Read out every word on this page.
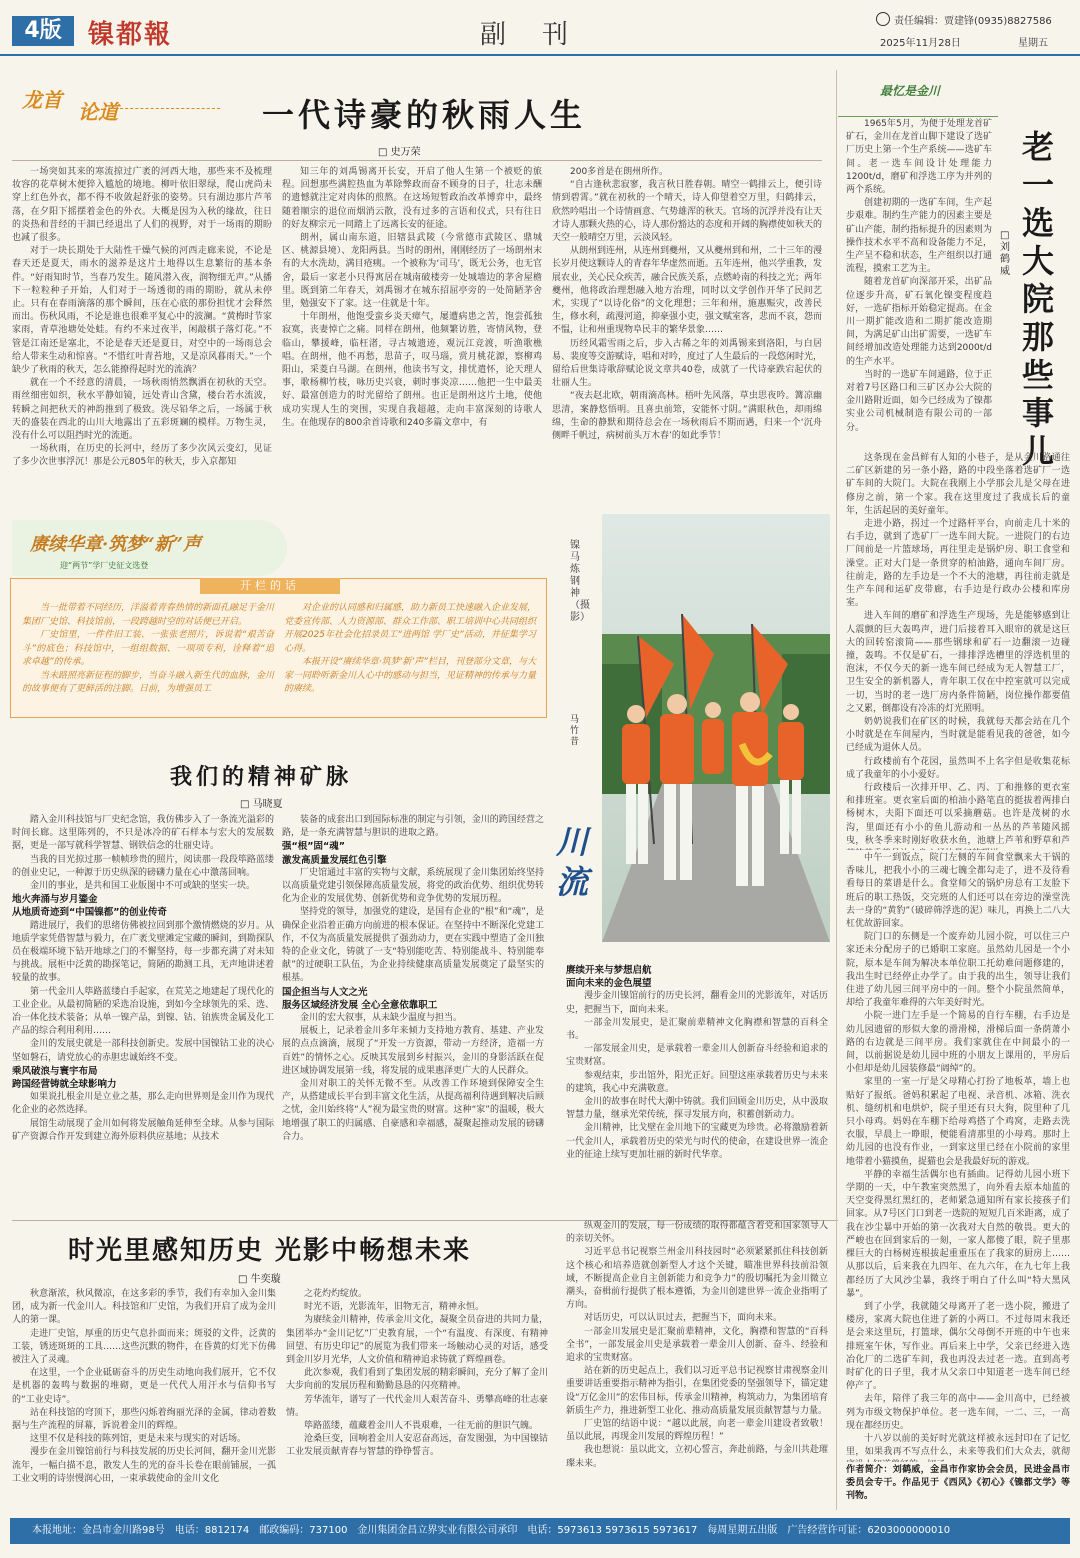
4版	镍都報	副刊	责任编辑：贾建锋(0935)8827586
2025年11月28日	星期五
龙首 论道	一代诗豪的秋雨人生
□ 史万荣

一场突如其来的寒流掠过广袤的河西大地，那些来不及梳理妆容的花草树木便猝入尴尬的境地。柳叶依旧翠绿，爬山虎尚未穿上红色外衣，都不得不收敛起舒张的姿势。只有湖边那片芦苇荡，在夕阳下摇摆着金色的外衣。大概是因为入秋的缘故，往日的炎热和昔经的干涸已经退出了人们的视野，对于一场雨的期盼也减了很多。

对于一块长期处于大陆性干燥气候的河西走廊来说，不论是春天还是夏天，雨水的滋养是这片土地得以生息繁衍的基本条件。“好雨知时节，当春乃发生。随风潜入夜，润物细无声。”从播下一粒粒种子开始，人们对于一场透彻的雨的期盼，就从未停止。只有在春雨滴落的那个瞬间，压在心底的那份担忧才会释然而出。伤秋风雨，不论是谁也很难平复心中的波澜。“黄梅时节家家雨，青草池塘处处蛙。有约不来过夜半，闲敲棋子落灯花。”不管是江南还是塞北，不论是春天还是夏日，对空中的一场雨总会给人带来生动和惊喜。“不惜红叶青苔地，又是凉风暮雨天。”一个缺少了秋雨的秋天，怎么能撩得起时光的流淌？

就在一个不经意的清晨，一场秋雨悄然飘洒在初秋的天空。雨丝细密如织，秋水平静如镜，远处青山含黛，楼台若水流波，转瞬之间把秋天的神韵推到了极致。洗尽铅华之后，一场属于秋天的盛装在西北的山川大地露出了五彩斑斓的模样。万物生灵，没有什么可以阻挡时光的流逝。

一场秋雨，在历史的长河中，经历了多少次风云变幻，见证了多少次世事浮沉！那是公元805年的秋天，步入京都知

知三年的刘禹锡离开长安，开启了他人生第一个被贬的旅程。回想那些满腔热血为革除弊政而奋不顾身的日子，壮志未酬的遗憾就注定对肉体的煎熬。在这场短暂政治改革博弈中，最终随着顺宗的退位而烟消云散，没有过多的言语和仪式，只有往日的好友柳宗元一同踏上了远离长安的征途。

朗州，属山南东道，旧辖县武陵（今常德市武陵区、鼎城区、桃源县境）、龙阳两县。当时的朗州，刚刚经历了一场朗州末有的大水洗劫，满目疮痍。一个被称为‘司马’，既无公务，也无官舍，最后一家老小只得寓居在城南破楼旁一处城墙边的茅舍屋檐里。既到第二年春天，刘禹锡才在城东招屈亭旁的一处简陋茅舍里，勉强安下了家。这一住就是十年。

十年朗州，他饱受蛮乡炎天瘴气，屡遭病患之苦，饱尝孤独寂寞，丧妻悼亡之痛。同样在朗州，他频繁访胜，寄情风物，登临山，攀援峰，临枉渚，寻古城遗迹，观沅江竞渡，听渔歌樵唱。在朗州，他不再愁，思苗子，叹马瑙，赏月桃花源，察柳鸡阳山，采菱白马湖。在朗州，他读书写文，排忧遣怀，论天理人事，歌杨柳竹枝，咏历史兴衰，刺时事炎凉……他把一生中最美好、最富创造力的时光留给了朗州。也正是朗州这片土地，使他成功实现人生的突围，实现自我超越，走向丰富深刻的诗歌人生。在他现存的800余首诗歌和240多篇文章中，有

200多首是在朗州所作。

“自古逢秋悲寂寥，我言秋日胜春朝。晴空一鹤排云上，便引诗情到碧霄。”就在初秋的一个晴天，诗人仰望着空万里，归鹤排云，欣然吟唱出一个诗情画意、气势雄浑的秋天。官场的沉浮并没有让天才诗人那颗火热的心，诗人那份豁达的态度和开阔的胸襟使如秋天的天空一般晴空万里，云淡风轻。

从朗州到连州，从连州到夔州，又从夔州到和州，二十三年的漫长岁月使这颗诗人的青春年华虚然而逝。五年连州，他兴学重教，发展农业，关心民众疾苦，融合民族关系，点燃岭南的科技之光；两年夔州，他将政治理想融入地方治理，同时以文学创作开华了民间艺术，实现了“以诗化俗”的文化理想；三年和州，施惠赈灾，改善民生，修水利，疏漫河道，抑豪强小吏，强文赋室客，悲而不哀，怨而不愠，让和州重现物阜民丰的繁华景象……

历经风霜雪雨之后，步入古稀之年的刘禹锡来到洛阳，与白居易、裴度等交游赋诗，唱和对吟，度过了人生最后的一段悠闲时光，留给后世集诗歌辞赋论说文章共40卷，成就了一代诗豪跌宕起伏的壮丽人生。

“夜去赵北欧，朝雨滴高林。梧叶先风落，草虫思夜吟。篝凉幽思清，案静悠悟明。且喜虫前筇，安能怀寸阴。”满眼秋色，却雨绵绵，生命的静默和期待总会在一场秋雨后不期而遇，归来一个‘沉舟侧畔千帆过，病树前头万木春’的如此季节！

赓续华章·筑梦“新”声
迎“两节”学厂史征文选登
开栏的话

当一批带着不同经历，洋溢着青春热情的新面孔融足于金川集团厂史馆、科技馆前，一段跨越时空的对话便已开启。

厂史馆里，一件件旧工装、一张张老照片，诉说着“艰苦奋斗”的底色；科技馆中，一组组数据、一项项专利，诠释着“追求卓越”的传承。

当未路照亮新征程的脚步，当奋斗融入新生代的血脉，金川的故事便有了更鲜活的注脚。日前，为增强员工

对企业的认同感和归属感，助力新员工快速融入企业发展，党委宣传部、人力资源部、群众工作部、职工培训中心共同组织开展2025年社会化招录员工“进两馆 学厂史”活动，并征集学习心得。

本报开设“赓续华章·筑梦‘新’声”栏目，刊登部分文章，与大家一同聆听新金川人心中的感动与担当，见证精神的传承与力量的赓续。

我们的精神矿脉
□ 马晓夏

踏入金川科技馆与厂史纪念馆，我仿佛步入了一条流光溢彩的时间长廊。这里陈列的，不只是冰冷的矿石样本与宏大的发展数据，更是一部写就科学智慧、钢铁信念的壮丽史诗。

当我的目光掠过那一帧帧珍贵的照片，阅读那一段段筚路蓝缕的创业史记，一种源于历史纵深的磅礴力量在心中激荡回响。

金川的事业，是共和国工业版图中不可或缺的坚实一块。

地火奔涌与岁月鎏金

从地质奇迹到“中国镍都”的创业传奇

踏进展厅，我们的思绪仿佛被拉回到那个激情燃烧的岁月。从地质学家凭借智慧与毅力，在广袤戈壁滩定宝藏的瞬间，到勘探队员在极端环境下钻开地球之门的不懈坚持，每一步都充满了对未知与挑战。展柜中泛黄的勘探笔记，简陋的勘测工具，无声地讲述着较量的故事。

第一代金川人筚路蓝缕白手起家，在荒芜之地建起了现代化的工业企业。从最初简陋的采选冶设施，到如今全球领先的采、选、冶一体化技术装备；从单一镍产品，到镍、钴、铂族贵金属及化工产品的综合利用利用……

金川的发展史就是一部科技创新史。发展中国镍钴工业的决心坚如磐石，请党放心的赤胆忠诚始终不变。

乘风破浪与寰宇布局

跨国经营铸就全球影响力

如果说扎根金川是立业之基，那么走向世界则是金川作为现代化企业的必然选择。

展馆生动展现了金川如何将发展触角延伸至全球。从参与国际矿产资源合作开发到建立海外原料供应基地；从技术

装备的成套出口到国际标准的制定与引领，金川的跨国经营之路，是一条充满智慧与胆识的进取之路。

强“根”固“魂”

激发高质量发展红色引擎

厂史馆通过丰富的实物与文献，系统展现了金川集团始终坚持以高质量党建引领保障高质量发展，将党的政治优势、组织优势转化为企业的发展优势、创新优势和竞争优势的发展历程。

坚持党的领导，加强党的建设，是国有企业的“根”和“魂”，是确保企业沿着正确方向前进的根本保证。在坚持中不断深化党建工作，不仅为高质量发展提供了强劲动力，更在实践中塑造了金川独特的企业文化，铸就了一支“特别能吃苦、特别能战斗、特别能奉献”的过硬职工队伍，为企业持续健康高质量发展奠定了最坚实的根基。

国企担当与人文之光

服务区域经济发展 全心全意依靠职工

金川的宏大叙事，从未缺少温度与担当。

展板上，记录着金川多年来倾力支持地方教育、基建、产业发展的点点滴滴，展现了“开发一方资源，带动一方经济，造福一方百姓”的情怀之心。反映其发展到乡村振兴，金川的身影活跃在促进区域协调发展第一线，将发展的成果惠泽更广大的人民群众。

金川对职工的关怀无微不至。从改善工作环境到保障安全生产，从搭建成长平台到丰富文化生活，从提高福利待遇到解决后顾之忧，金川始终将“人”视为最宝贵的财富。这种“家”的温暖，极大地增强了职工的归属感、自豪感和幸福感，凝聚起推动发展的磅礴合力。

赓续开来与梦想启航

面向未来的金色展望

漫步金川镍馆前行的历史长河，翻看金川的光影流年，对话历史，把握当下，面向未来。

一部金川发展史，是汇聚前辈精神文化胸襟和智慧的百科全书。

一部发展金川史，是承载着一辈金川人创新奋斗经验和追求的宝贵财富。

参观结束，步出馆外，阳光正好。回望这座承载着历史与未来的建筑，我心中充满敬意。

金川的故事在时代大潮中铸就。我们回顾金川历史，从中汲取智慧力量，继承光荣传统，探寻发展方向，积蓄创新动力。

金川精神，比戈壁在金川地下的宝藏更为珍贵。必将激励着新一代金川人，承载着历史的荣光与时代的使命，在建设世界一流企业的征途上续写更加壮丽的新时代华章。

镍马炼钢神（摄影）
马竹昔
川流
时光里感知历史 光影中畅想未来
□ 牛奕璇

秋意渐浓，秋风微凉，在这多彩的季节，我们有幸加入金川集团，成为新一代金川人。科技馆和厂史馆，为我们开启了成为金川人的第一课。

走进厂史馆，厚重的历史气息扑面而来；斑驳的文件，泛黄的工装，锈迹斑斑的工具……这些沉默的物件，在昏黄的灯光下仿佛被注入了灵魂。

在这里，一个企业砥砺奋斗的历史生动地向我们展开，它不仅是机器的轰鸣与数据的堆砌，更是一代代人用汗水与信仰书写的“工业史诗”。

站在科技馆的穹顶下，那些闪烁着绚丽光泽的金属，律动着数据与生产流程的屏幕，诉说着金川的辉煌。

这里不仅是科技的陈列馆，更是未来与现实的对话场。

漫步在金川镍馆前行与科技发展的历史长河间，翻开金川光影流年，一幅白描不息，散发人生的光的奋斗长卷在眼前铺展，一孤工业文明的诗崇慢润心田，一束承载使命的金川文化

之花灼灼绽放。

时光不语，光影流年，旧物无言，精神永恒。

为赓续金川精神，传承金川文化，凝聚全员奋进的共同力量，集团举办“金川记忆”厂史教育展，一个“有温度、有深度、有精神回望、有历史印记”的展览为我们带来一场触动心灵的对话，感受到金川岁月光华，人文价值和精神追求铸就了辉煌画卷。

此次参观，我们看到了集团发展的精彩瞬间，充分了解了金川大步向前的发展历程和勤勤恳恳的闪亮精神。

芳华流年，谱写了一代代金川人艰苦奋斗、勇攀高峰的壮志豪情。

筚路蓝缕，蕴藏着金川人不畏艰难，一往无前的胆识气魄。

沧桑巨变，回响着金川人安忍奋高远，奋发图强，为中国镍钴工业发展贡献青春与智慧的铮铮誓言。

纵观金川的发展，每一份成绩的取得都蕴含着党和国家领导人的亲切关怀。

习近平总书记视察兰州金川科技园时“必须紧紧抓住科技创新这个核心和培养造就创新型人才这个关键，瞄准世界科技前沿领域，不断提高企业自主创新能力和竞争力”的殷切嘱托为金川微立潮头，奋楫前行提供了根本遵循，为金川创建世界一流企业指明了方向。

对话历史，可以认识过去，把握当下，面向未来。

一部金川发展史是汇聚前辈精神，文化，胸襟和智慧的“百科全书”，一部发展金川史是承载着一辈金川人创新、奋斗、经验和追求的宝贵财富。

站在新的历史起点上，我们以习近平总书记视察甘肃视察金川重要讲话重要指示精神为指引，在集团党委的坚强领导下，锚定建设“万亿金川”的宏伟目标，传承金川精神，构筑动力，为集团培育新质生产力，推进新型工业化、推动高质量发展贡献智慧与力量。

厂史馆的结语中说：“越以此展，向老一辈金川建设者致敬！虽以此展，再现金川发展的辉煌历程！”

我也想说：虽以此文，立初心誓言，奔赴前路，与金川共赴璀璨未来。

最忆是金川
老一选大院那些事儿
□ 刘鹤威

1965年5月，为便于处理龙首矿矿石，金川在龙首山脚下建设了选矿厂历史上第一个生产系统——选矿车间。老一选车间设计处理能力1200t/d，磨矿和浮选工序为并列的两个系统。

创建初期的一选矿车间，生产起步艰难。制约生产能力的因素主要是矿山产能，制约指标提升的因素则为操作技术水平不高和设备能力不足，生产呈不稳和状态，生产组织以打通流程，摸索工艺为主。

随着龙首矿向深部开采，出矿品位逐步升高，矿石氧化镍变程度趋好，一选矿指标开始稳定提高。在金川一期扩能改造和二期扩能改造期间，为满足矿山出矿需要，一选矿车间经增加改造处理能力达到2000t/d的生产水平。

当时的一选矿车间通路，位于正对着7号区路口和三矿区办公大院的金川路附近面，如今已经成为了镍都实业公司机械制造有限公司的一部分。

这条现在金昌鲜有人知的小巷子，是从金川路通往二矿区新建的另一条小路，路的中段坐落着选矿厂一选矿车间的大院门。大院在我刚上小学那会儿是父母在进修房之前，第一个家。我在这里度过了我成长后的童年，生活起居的美好童年。

走进小路，拐过一个过路杆平台，向前走几十米的右手边，就到了选矿厂一选车间大院。一进院门的右边厂间前是一片篮球场，再往里走是锅炉房、职工食堂和澡堂。正对大门是一条贯穿的柏油路，通向车间厂房。往前走，路的左手边是一个不大的池塘，再往前走就是生产车间和运矿皮带廊，右手边是行政办公楼和库房室。

进入车间的磨矿和浮选生产现场，先是能够感到让人震颤的巨大轰鸣声，进门后接着耳入眼帘的就是这巨大的回转窑滚筒——那些钢球和矿石一边翻滚一边碰撞，轰鸣。不仅是矿石，一排排浮选槽里的浮选机里的泡沫，不仅今天的新一选车间已经成为无人智慧工厂，卫生安全的新机器人，青年职工仅在中控室就可以完成一切，当时的老一选厂房内条件简陋，岗位操作都要值之又累，倒都设有冷冻的灯光照明。

奶奶说我们在矿区的时候，我就每天都会站在几个小时就是在车间屋内，当时就是能看见我的爸爸，如今已经成为退休人员。

行政楼前有个花园，虽然叫不上名字但是收集花标成了我童年的小小爱好。

行政楼后一次排开甲、乙、丙、丁和推修的更衣室和排班室。更衣室后面的柏油小路笔直的挺拔着两排白杨树木，夫阳下面还可以采摘蘑菇。也许是茂树的水沟，里面还有小小的鱼儿游动和一丛丛的芦苇随风摇曳，秋冬季来时刚好收获水鱼，池塘上芦苇和野草和芦

中午一到饭点，院门左侧的车间食堂飘来大干锅的香味儿，把我小小的三魂七魄全都勾走了，进不及待看看每日的菜谱是什么。食堂师父的锅炉房总有工友脸下班后的职工热饭，交完班的人们还可以在旁边的澡堂洗去一身的“黄豹”（破碎筛浮选的泥）味儿，再换上二八大杠优故游回家。

院门口的东侧是一个废弃幼儿园小院，可以住三户家还未分配房子的已婚职工家庭。虽然幼儿园是一个小院，原本是车间为解决本单位职工托幼难问题修建的，我出生时已经停止办学了。由于我的出生，领导让我们住进了幼儿园三间平房中的一间。整个小院虽然简单，却给了我童年难得的六年美好时光。

小院一进门左手是一个简易的自行车棚，右手边是幼儿园遗留的形似大象的滑滑梯，滑梯后面一条荫萧小路的右边就是三间平房。我们家就住在中间最小的一间，以前据说是幼儿园中班的小朋友上课用的，平房后小但却是幼儿园装修最“阔绰”的。

家里的一室一厅是父母精心打扮了地板革，墙上也贴好了报纸。爸妈积累起了电视、录音机、冰箱、洗衣机、缝纫机和电烘炉，院子里还有只大狗，院里种了几只小母鸡。妈妈在车棚下给母鸡搭了个鸡窝，走路去洗衣服，早晨上一睁眼，便能看清那里的小母鸡。那时上幼儿园的也没有作业，一到家这里已经在小院前的家里地带着小猫摸鱼，捉猫也会是我最好玩的游戏。

平静的幸福生活偶尔也有插曲。记得幼儿园小班下学期的一天，中午教室突然黑了，向外看去原本灿蓝的天空变得黑红黑红的，老师紧急通知所有家长接孩子们回家。从7号区门口到老一选院的短短几百米距离，成了我在沙尘暴中开始的第一次我对大自然的敬畏。更大的严峻也在回到家后的一刻，一家人都傻了眼，院子里那棵巨大的白杨树连根拔起重重压在了我家的厨房上……从那以后，后来我在九四年、在九六年，在九七年上我都经历了大风沙尘暴，我终于明白了什么叫“特大黑风暴”。

到了小学，我就随父母离开了老一选小院，搬进了楼房，家离大院也住进了新的小两口。不过每周末我还是会来这里玩，打篮球，偶尔父母倒不开班的中午也来排班室午休，写作业。再后来上中学，父亲已经进入选冶化厂的二选矿车间，我也再没去过老一选。直到高考时矿化的日子里，我才从父亲口中知道老一选车间已经停产了。

去年，陪伴了我三年的高中——金川高中，已经被列为市级文物保护单位。老一选车间，一二、三，一高现在都经历史。

十八岁以前的美好时光就这样被永远封印在了记忆里，如果我再不写点什么，未来等我们们大众去，就彻

作者简介：刘鹤威，金昌市作家协会会员，民进金昌市委员会专干。作品见于《西风》《初心》《镍都文学》等刊物。
本报地址：金昌市金川路98号　电话：8812174　邮政编码：737100　金川集团金昌立界实业有限公司承印　电话：5973613 5973615 5973617　每周星期五出版　广告经营许可证：6203000000010
